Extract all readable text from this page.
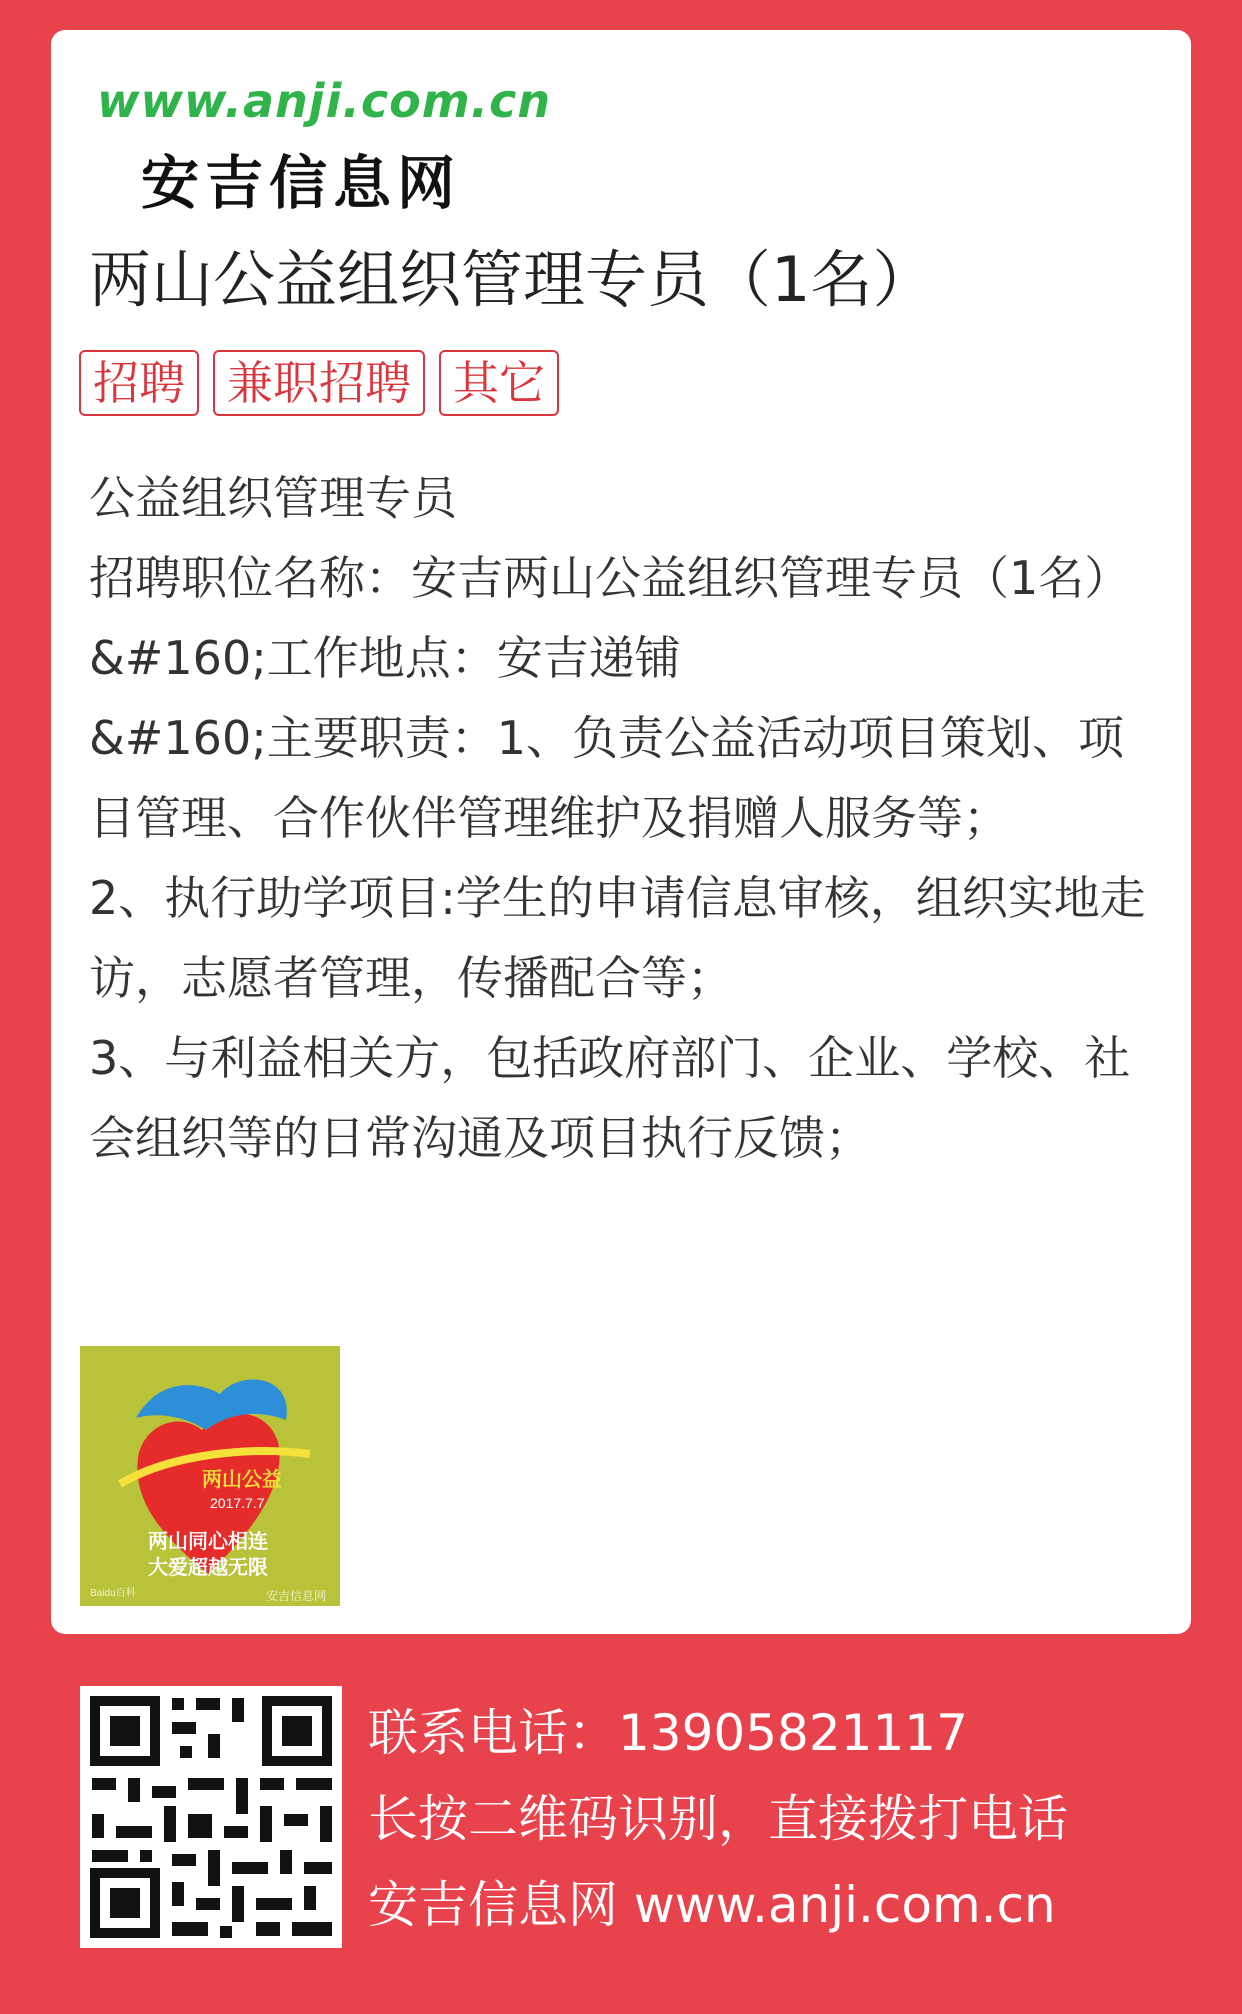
www.anji.com.cn
安吉信息网
两山公益组织管理专员（1名）
招聘 兼职招聘 其它

公益组织管理专员

招聘职位名称：安吉两山公益组织管理专员（1名）

&#160;工作地点：安吉递铺

&#160;主要职责：1、负责公益活动项目策划、项目管理、合作伙伴管理维护及捐赠人服务等；

2、执行助学项目:学生的申请信息审核，组织实地走访，志愿者管理，传播配合等；

3、与利益相关方，包括政府部门、企业、学校、社会组织等的日常沟通及项目执行反馈；

两山公益
2017.7.7
两山同心相连
大爱超越无限
Baidu百科	安吉信息网
联系电话：13905821117
长按二维码识别，直接拨打电话
安吉信息网 www.anji.com.cn
